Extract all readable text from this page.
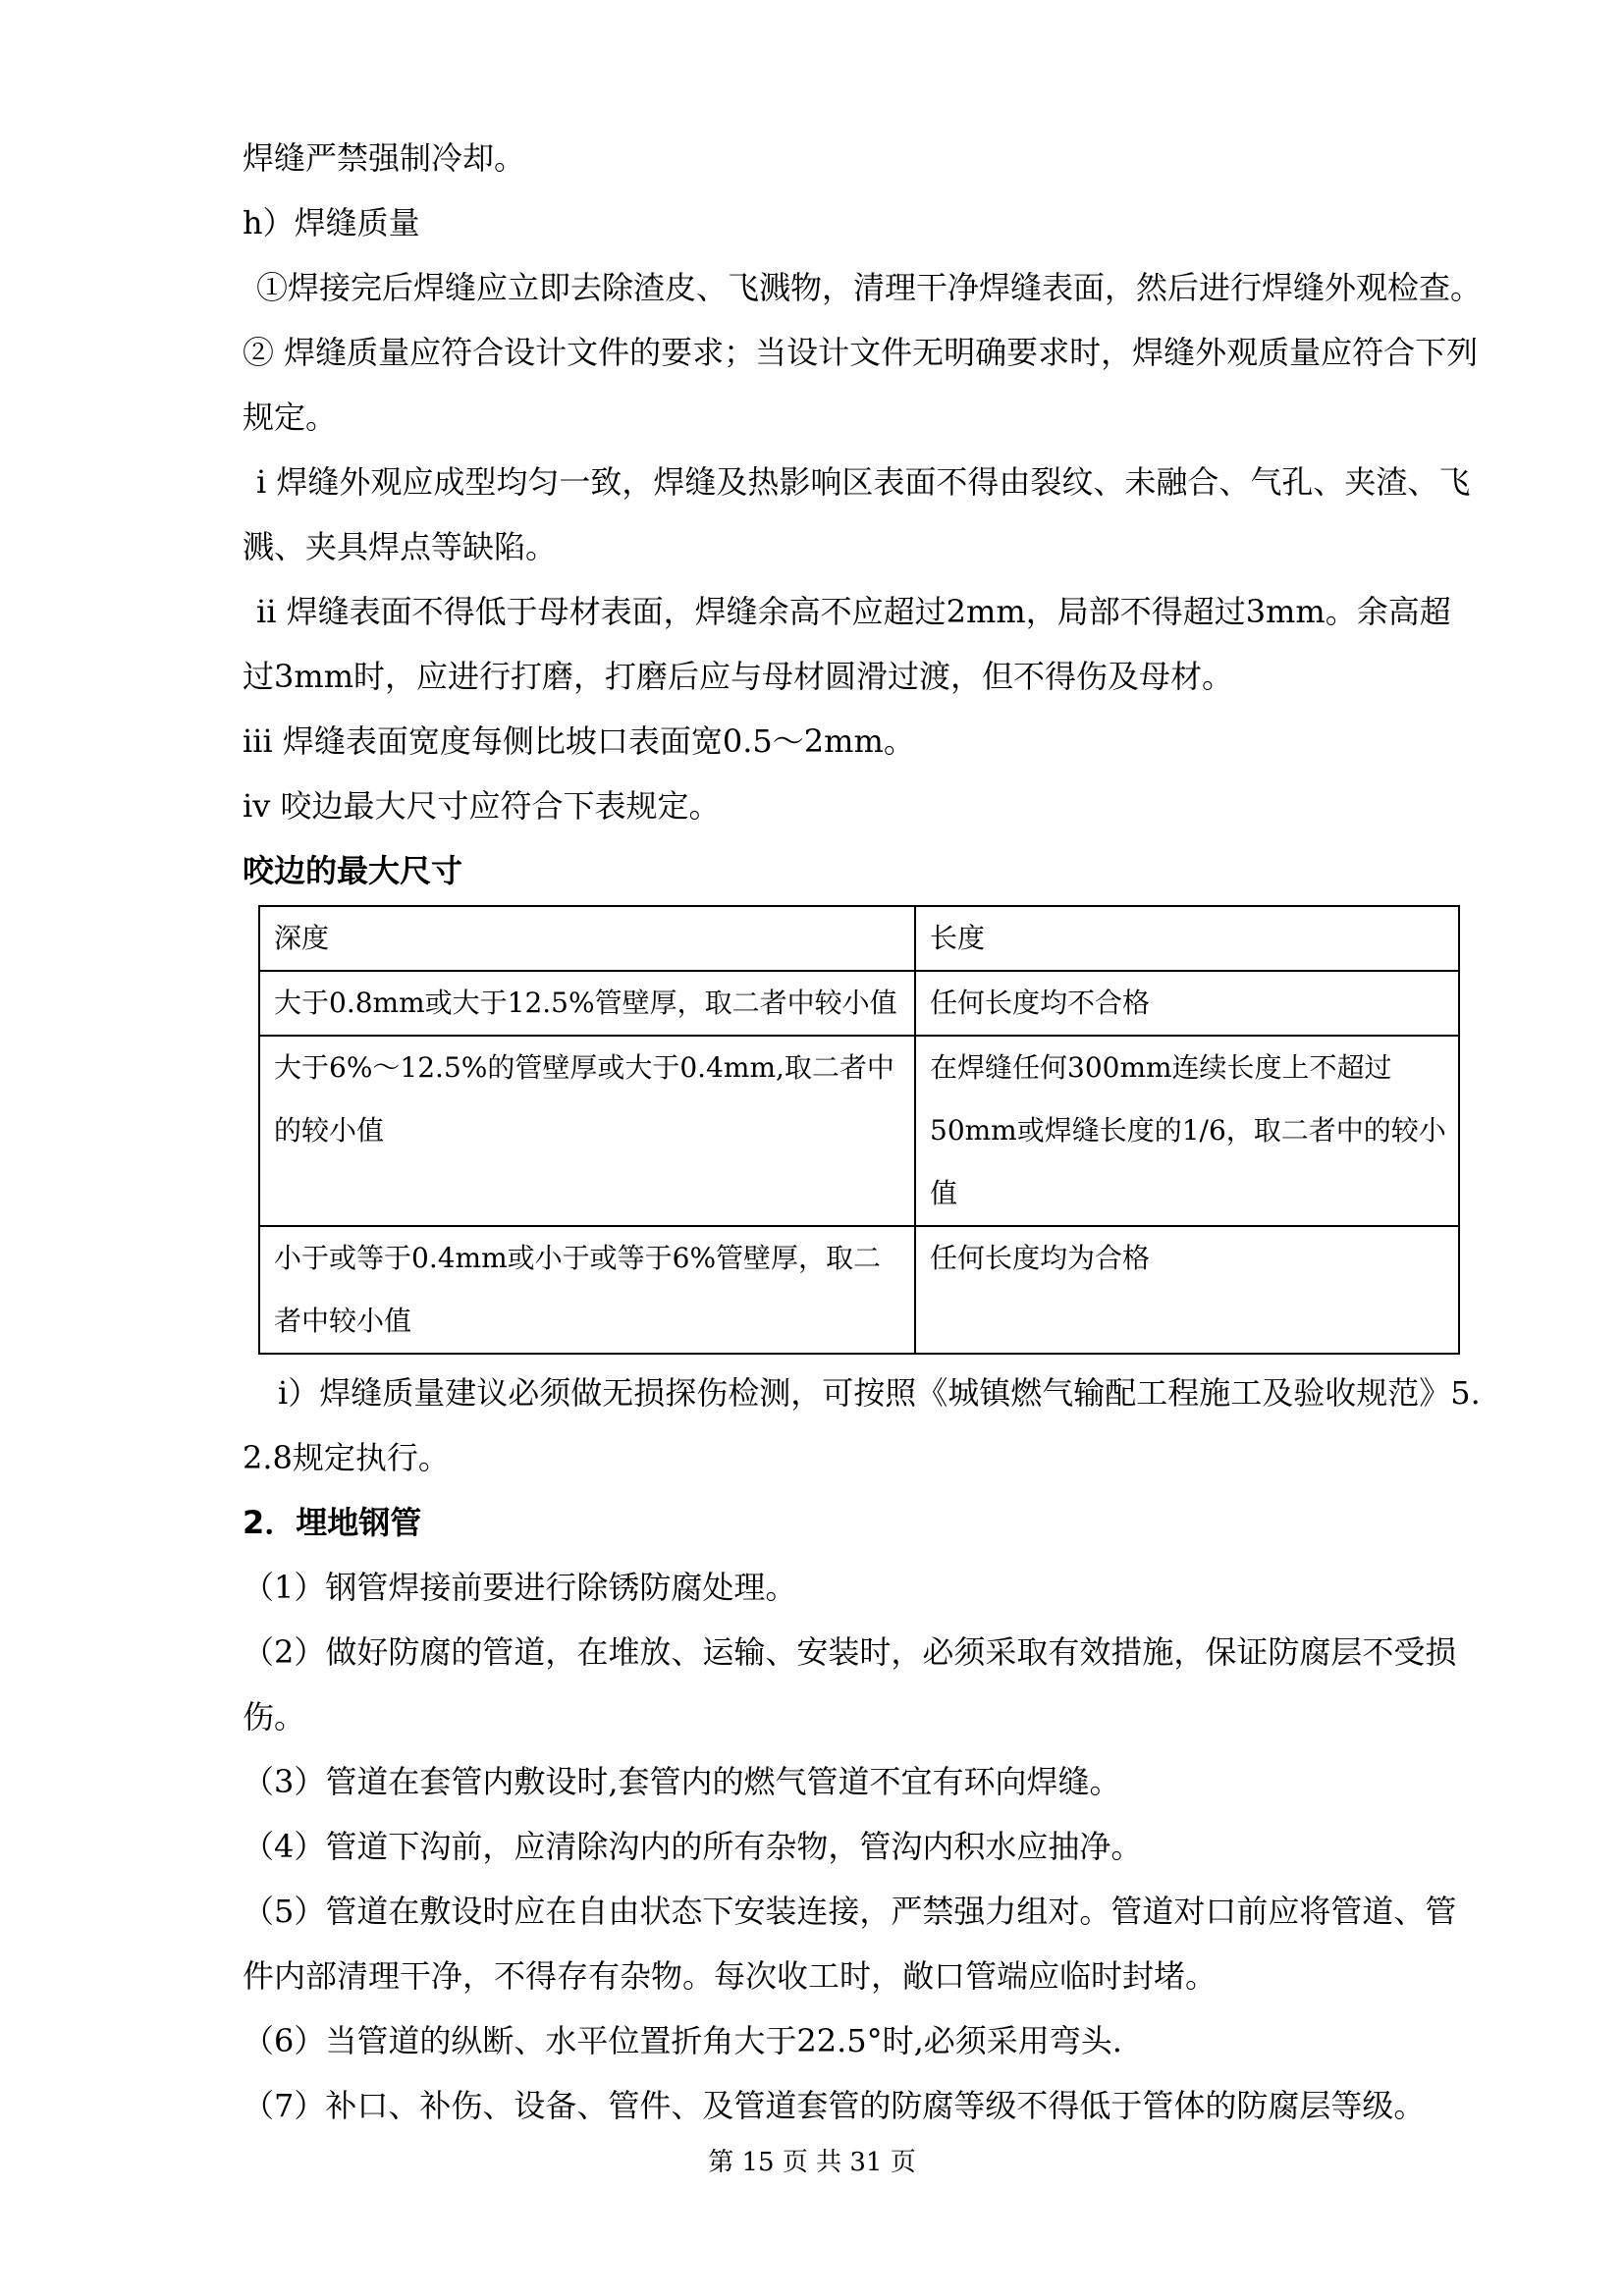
焊缝严禁强制冷却。

h）焊缝质量

①焊接完后焊缝应立即去除渣皮、飞溅物，清理干净焊缝表面，然后进行焊缝外观检查。

② 焊缝质量应符合设计文件的要求；当设计文件无明确要求时，焊缝外观质量应符合下列规定。

ⅰ 焊缝外观应成型均匀一致，焊缝及热影响区表面不得由裂纹、未融合、气孔、夹渣、飞溅、夹具焊点等缺陷。

ⅱ 焊缝表面不得低于母材表面，焊缝余高不应超过2mm，局部不得超过3mm。余高超过3mm时，应进行打磨，打磨后应与母材圆滑过渡，但不得伤及母材。

ⅲ 焊缝表面宽度每侧比坡口表面宽0.5～2mm。

ⅳ 咬边最大尺寸应符合下表规定。

咬边的最大尺寸

深度	长度
大于0.8mm或大于12.5%管壁厚，取二者中较小值	任何长度均不合格
大于6%～12.5%的管壁厚或大于0.4mm,取二者中的较小值	在焊缝任何300mm连续长度上不超过50mm或焊缝长度的1/6，取二者中的较小值
小于或等于0.4mm或小于或等于6%管壁厚，取二者中较小值	任何长度均为合格

i）焊缝质量建议必须做无损探伤检测，可按照《城镇燃气输配工程施工及验收规范》5.2.8规定执行。

2．埋地钢管

（1）钢管焊接前要进行除锈防腐处理。

（2）做好防腐的管道，在堆放、运输、安装时，必须采取有效措施，保证防腐层不受损伤。

（3）管道在套管内敷设时,套管内的燃气管道不宜有环向焊缝。

（4）管道下沟前，应清除沟内的所有杂物，管沟内积水应抽净。

（5）管道在敷设时应在自由状态下安装连接，严禁强力组对。管道对口前应将管道、管件内部清理干净，不得存有杂物。每次收工时，敞口管端应临时封堵。

（6）当管道的纵断、水平位置折角大于22.5°时,必须采用弯头.

（7）补口、补伤、设备、管件、及管道套管的防腐等级不得低于管体的防腐层等级。

第 15 页 共 31 页
